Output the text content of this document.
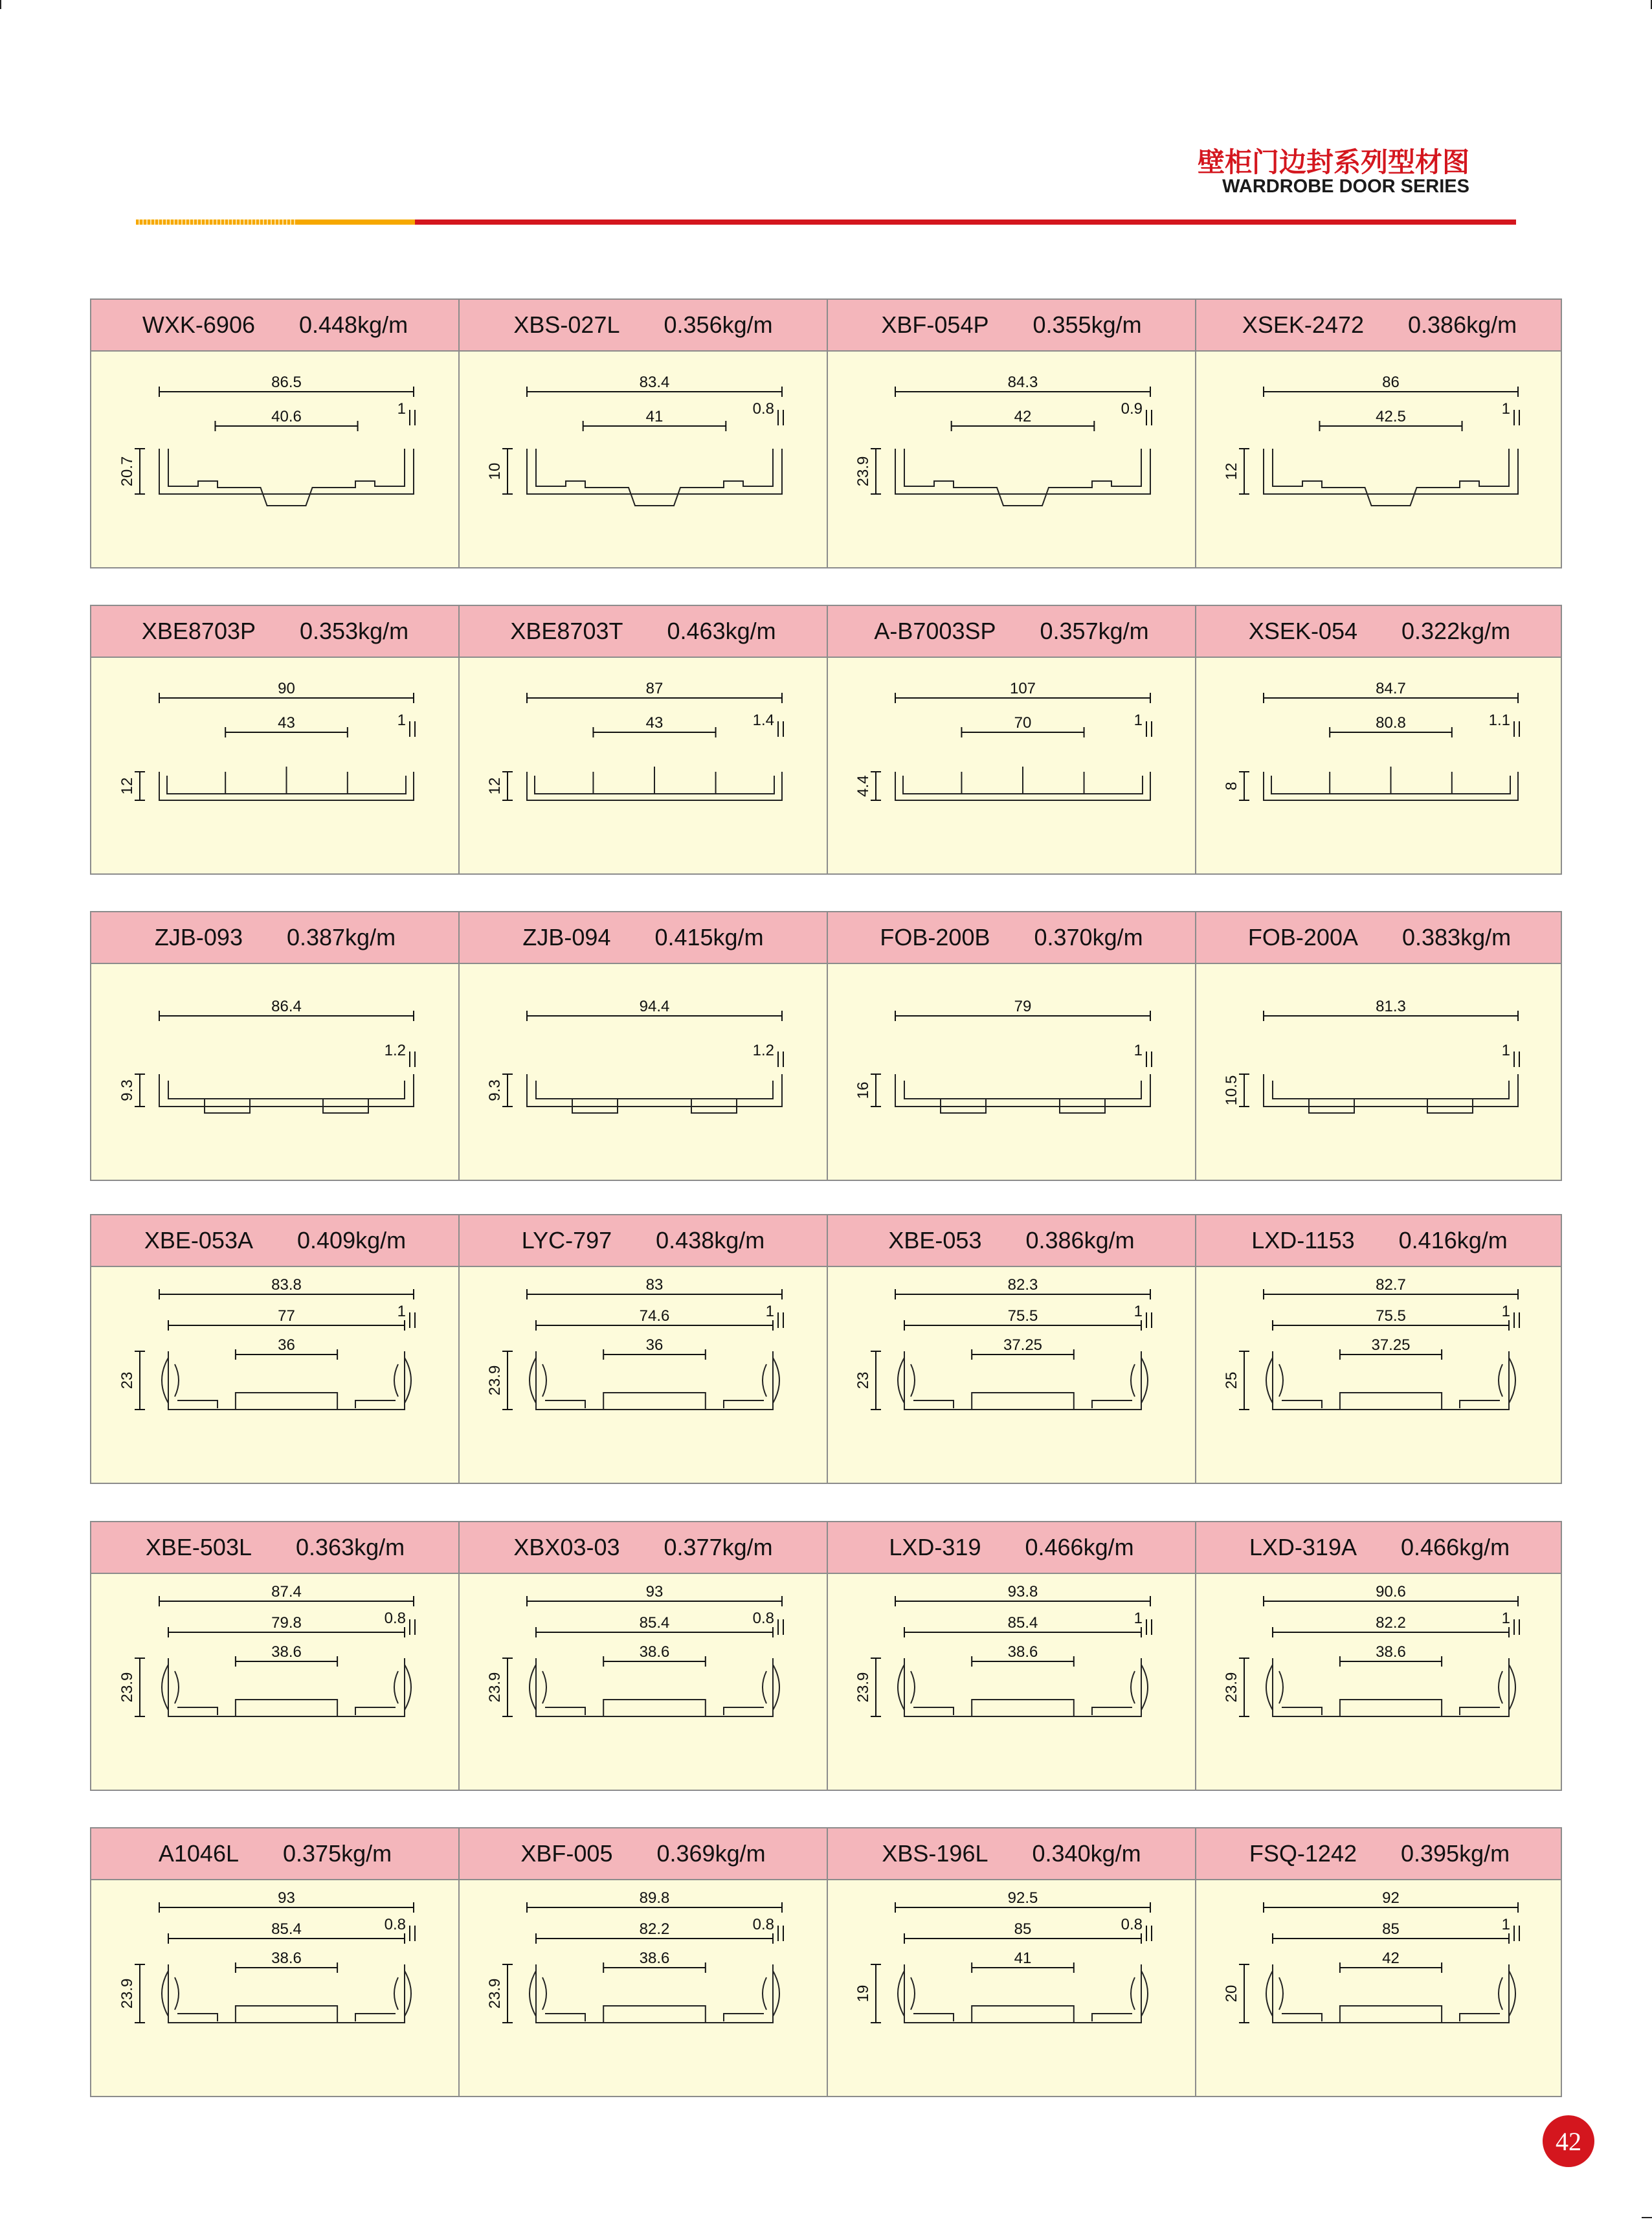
壁柜门边封系列型材图
WARDROBE DOOR SERIES
WXK-6906 0.448kg/m
86.5
40.6	1
20.7
XBS-027L 0.356kg/m
83.4
41	0.8
10
XBF-054P 0.355kg/m
84.3
42	0.9
23.9
XSEK-2472 0.386kg/m
86
42.5	1
12
XBE8703P 0.353kg/m
90
43	1
12
XBE8703T 0.463kg/m
87
43	1.4
12
A-B7003SP 0.357kg/m
107
70	1
4.4
XSEK-054 0.322kg/m
84.7
80.8	1.1
8
ZJB-093 0.387kg/m
86.4
1.2
9.3
ZJB-094 0.415kg/m
94.4
1.2
9.3
FOB-200B 0.370kg/m
79
1
16
FOB-200A 0.383kg/m
81.3
1
10.5
XBE-053A 0.409kg/m
83.8
77
36
1
23
LYC-797 0.438kg/m
83
74.6
36
1
23.9
XBE-053 0.386kg/m
82.3
75.5
37.25
1
23
LXD-1153 0.416kg/m
82.7
75.5
37.25
1
25
XBE-503L 0.363kg/m
87.4
79.8
38.6
0.8
23.9
XBX03-03 0.377kg/m
93
85.4
38.6
0.8
23.9
LXD-319 0.466kg/m
93.8
85.4
38.6
1
23.9
LXD-319A 0.466kg/m
90.6
82.2
38.6
1
23.9
A1046L 0.375kg/m
93
85.4
38.6
0.8
23.9
XBF-005 0.369kg/m
89.8
82.2
38.6
0.8
23.9
XBS-196L 0.340kg/m
92.5
85
41
0.8
19
FSQ-1242 0.395kg/m
92
85
42
1
20
42
